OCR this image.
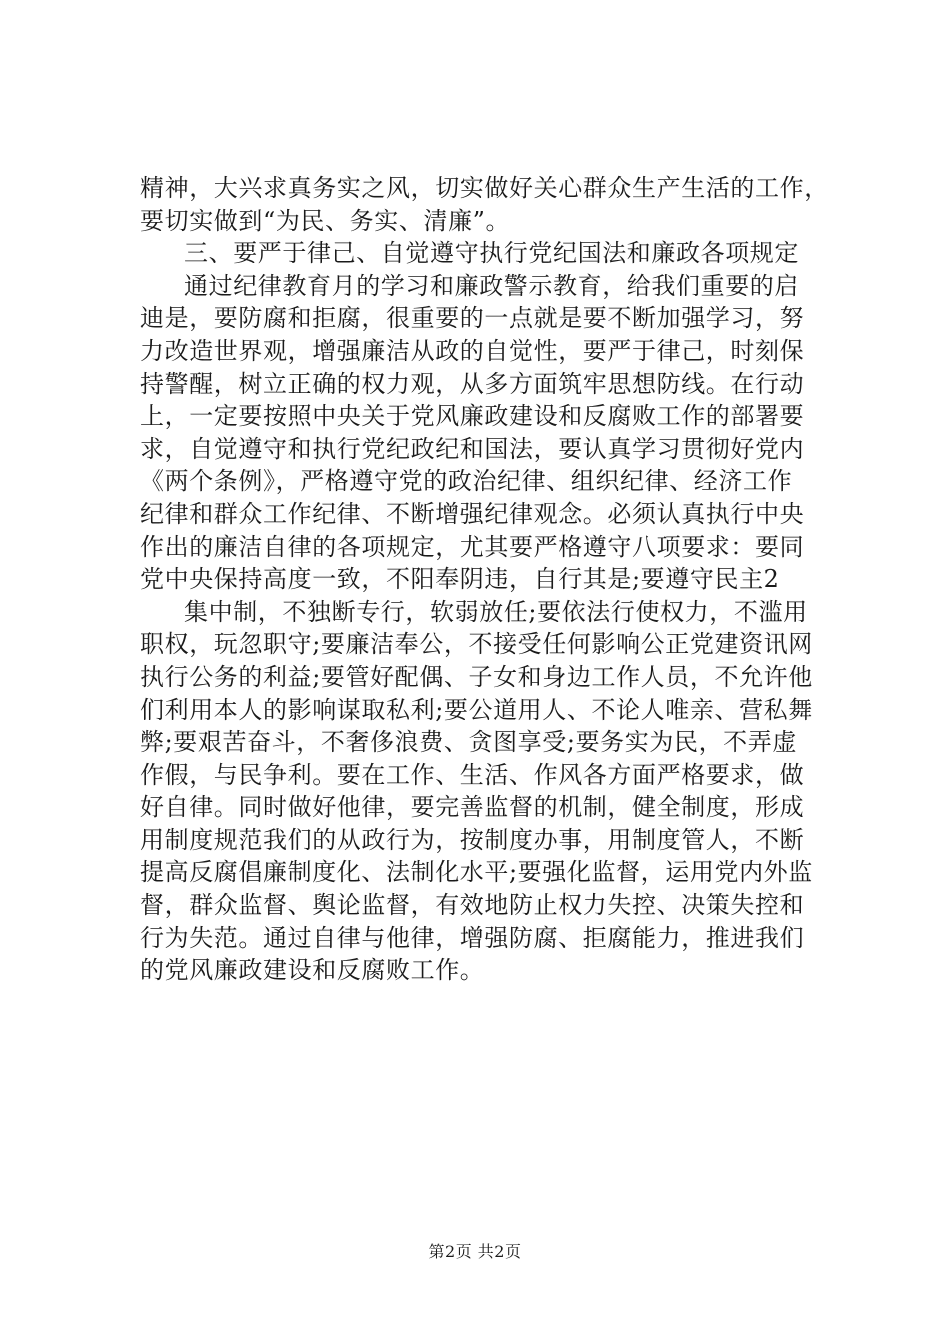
精神，大兴求真务实之风，切实做好关心群众生产生活的工作，
要切实做到“为民、务实、清廉”。
三、要严于律己、自觉遵守执行党纪国法和廉政各项规定
通过纪律教育月的学习和廉政警示教育，给我们重要的启
迪是，要防腐和拒腐，很重要的一点就是要不断加强学习，努
力改造世界观，增强廉洁从政的自觉性，要严于律己，时刻保
持警醒，树立正确的权力观，从多方面筑牢思想防线。在行动
上，一定要按照中央关于党风廉政建设和反腐败工作的部署要
求，自觉遵守和执行党纪政纪和国法，要认真学习贯彻好党内
《两个条例》，严格遵守党的政治纪律、组织纪律、经济工作
纪律和群众工作纪律、不断增强纪律观念。必须认真执行中央
作出的廉洁自律的各项规定，尤其要严格遵守八项要求：要同
党中央保持高度一致，不阳奉阴违，自行其是;要遵守民主2
集中制，不独断专行，软弱放任;要依法行使权力，不滥用
职权，玩忽职守;要廉洁奉公，不接受任何影响公正党建资讯网
执行公务的利益;要管好配偶、子女和身边工作人员，不允许他
们利用本人的影响谋取私利;要公道用人、不论人唯亲、营私舞
弊;要艰苦奋斗，不奢侈浪费、贪图享受;要务实为民，不弄虚
作假，与民争利。要在工作、生活、作风各方面严格要求，做
好自律。同时做好他律，要完善监督的机制，健全制度，形成
用制度规范我们的从政行为，按制度办事，用制度管人，不断
提高反腐倡廉制度化、法制化水平;要强化监督，运用党内外监
督，群众监督、舆论监督，有效地防止权力失控、决策失控和
行为失范。通过自律与他律，增强防腐、拒腐能力，推进我们
的党风廉政建设和反腐败工作。
第2页 共2页
